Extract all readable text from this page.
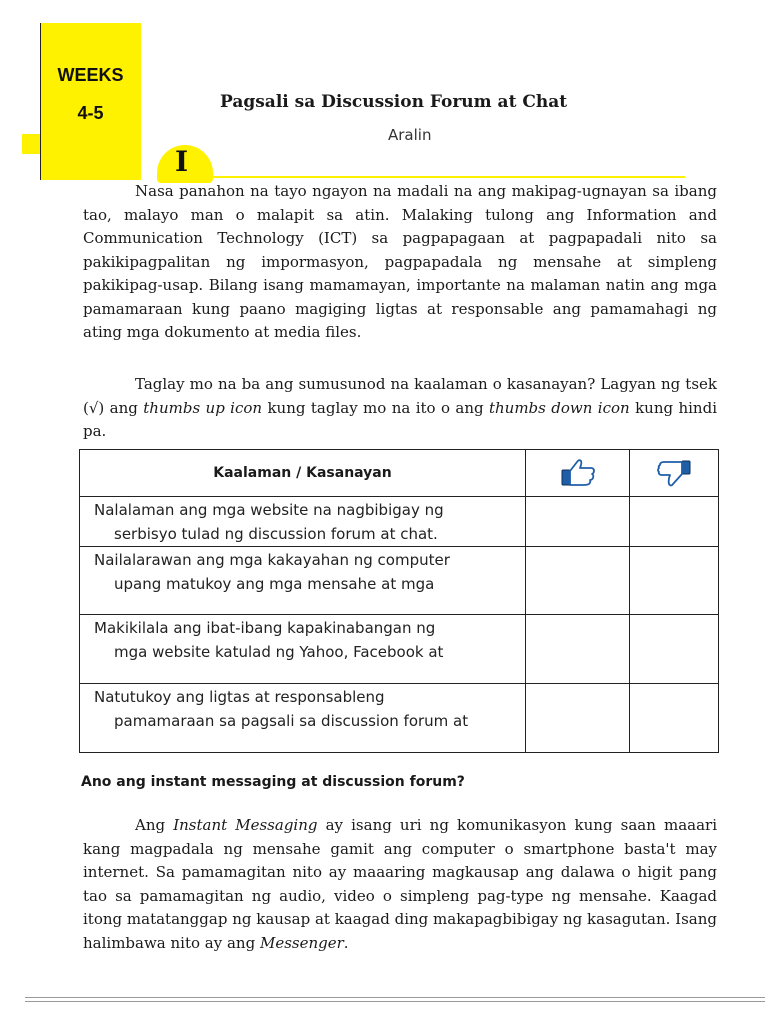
WEEKS
4-5
Pagsali sa Discussion Forum at Chat
Aralin
I

Nasa panahon na tayo ngayon na madali na ang makipag-ugnayan sa ibang tao, malayo man o malapit sa atin. Malaking tulong ang Information and Communication Technology (ICT) sa pagpapagaan at pagpapadali nito sa pakikipagpalitan ng impormasyon, pagpapadala ng mensahe at simpleng pakikipag-usap. Bilang isang mamamayan, importante na malaman natin ang mga pamamaraan kung paano magiging ligtas at responsable ang pamamahagi ng ating mga dokumento at media files.

Taglay mo na ba ang sumusunod na kaalaman o kasanayan? Lagyan ng tsek (√) ang thumbs up icon kung taglay mo na ito o ang thumbs down icon kung hindi pa.

Kaalaman / Kasanayan	

Nalalaman ang mga website na nagbibigay ng
serbisyo tulad ng discussion forum at chat.		

Nailalarawan ang mga kakayahan ng computer
upang matukoy ang mga mensahe at mga		

Makikilala ang ibat-ibang kapakinabangan ng
mga website katulad ng Yahoo, Facebook at		

Natutukoy ang ligtas at responsableng
pamamaraan sa pagsali sa discussion forum at		

Ano ang instant messaging at discussion forum?

Ang Instant Messaging ay isang uri ng komunikasyon kung saan maaari kang magpadala ng mensahe gamit ang computer o smartphone basta't may internet. Sa pamamagitan nito ay maaaring magkausap ang dalawa o higit pang tao sa pamamagitan ng audio, video o simpleng pag-type ng mensahe. Kaagad itong matatanggap ng kausap at kaagad ding makapagbibigay ng kasagutan. Isang halimbawa nito ay ang Messenger.
